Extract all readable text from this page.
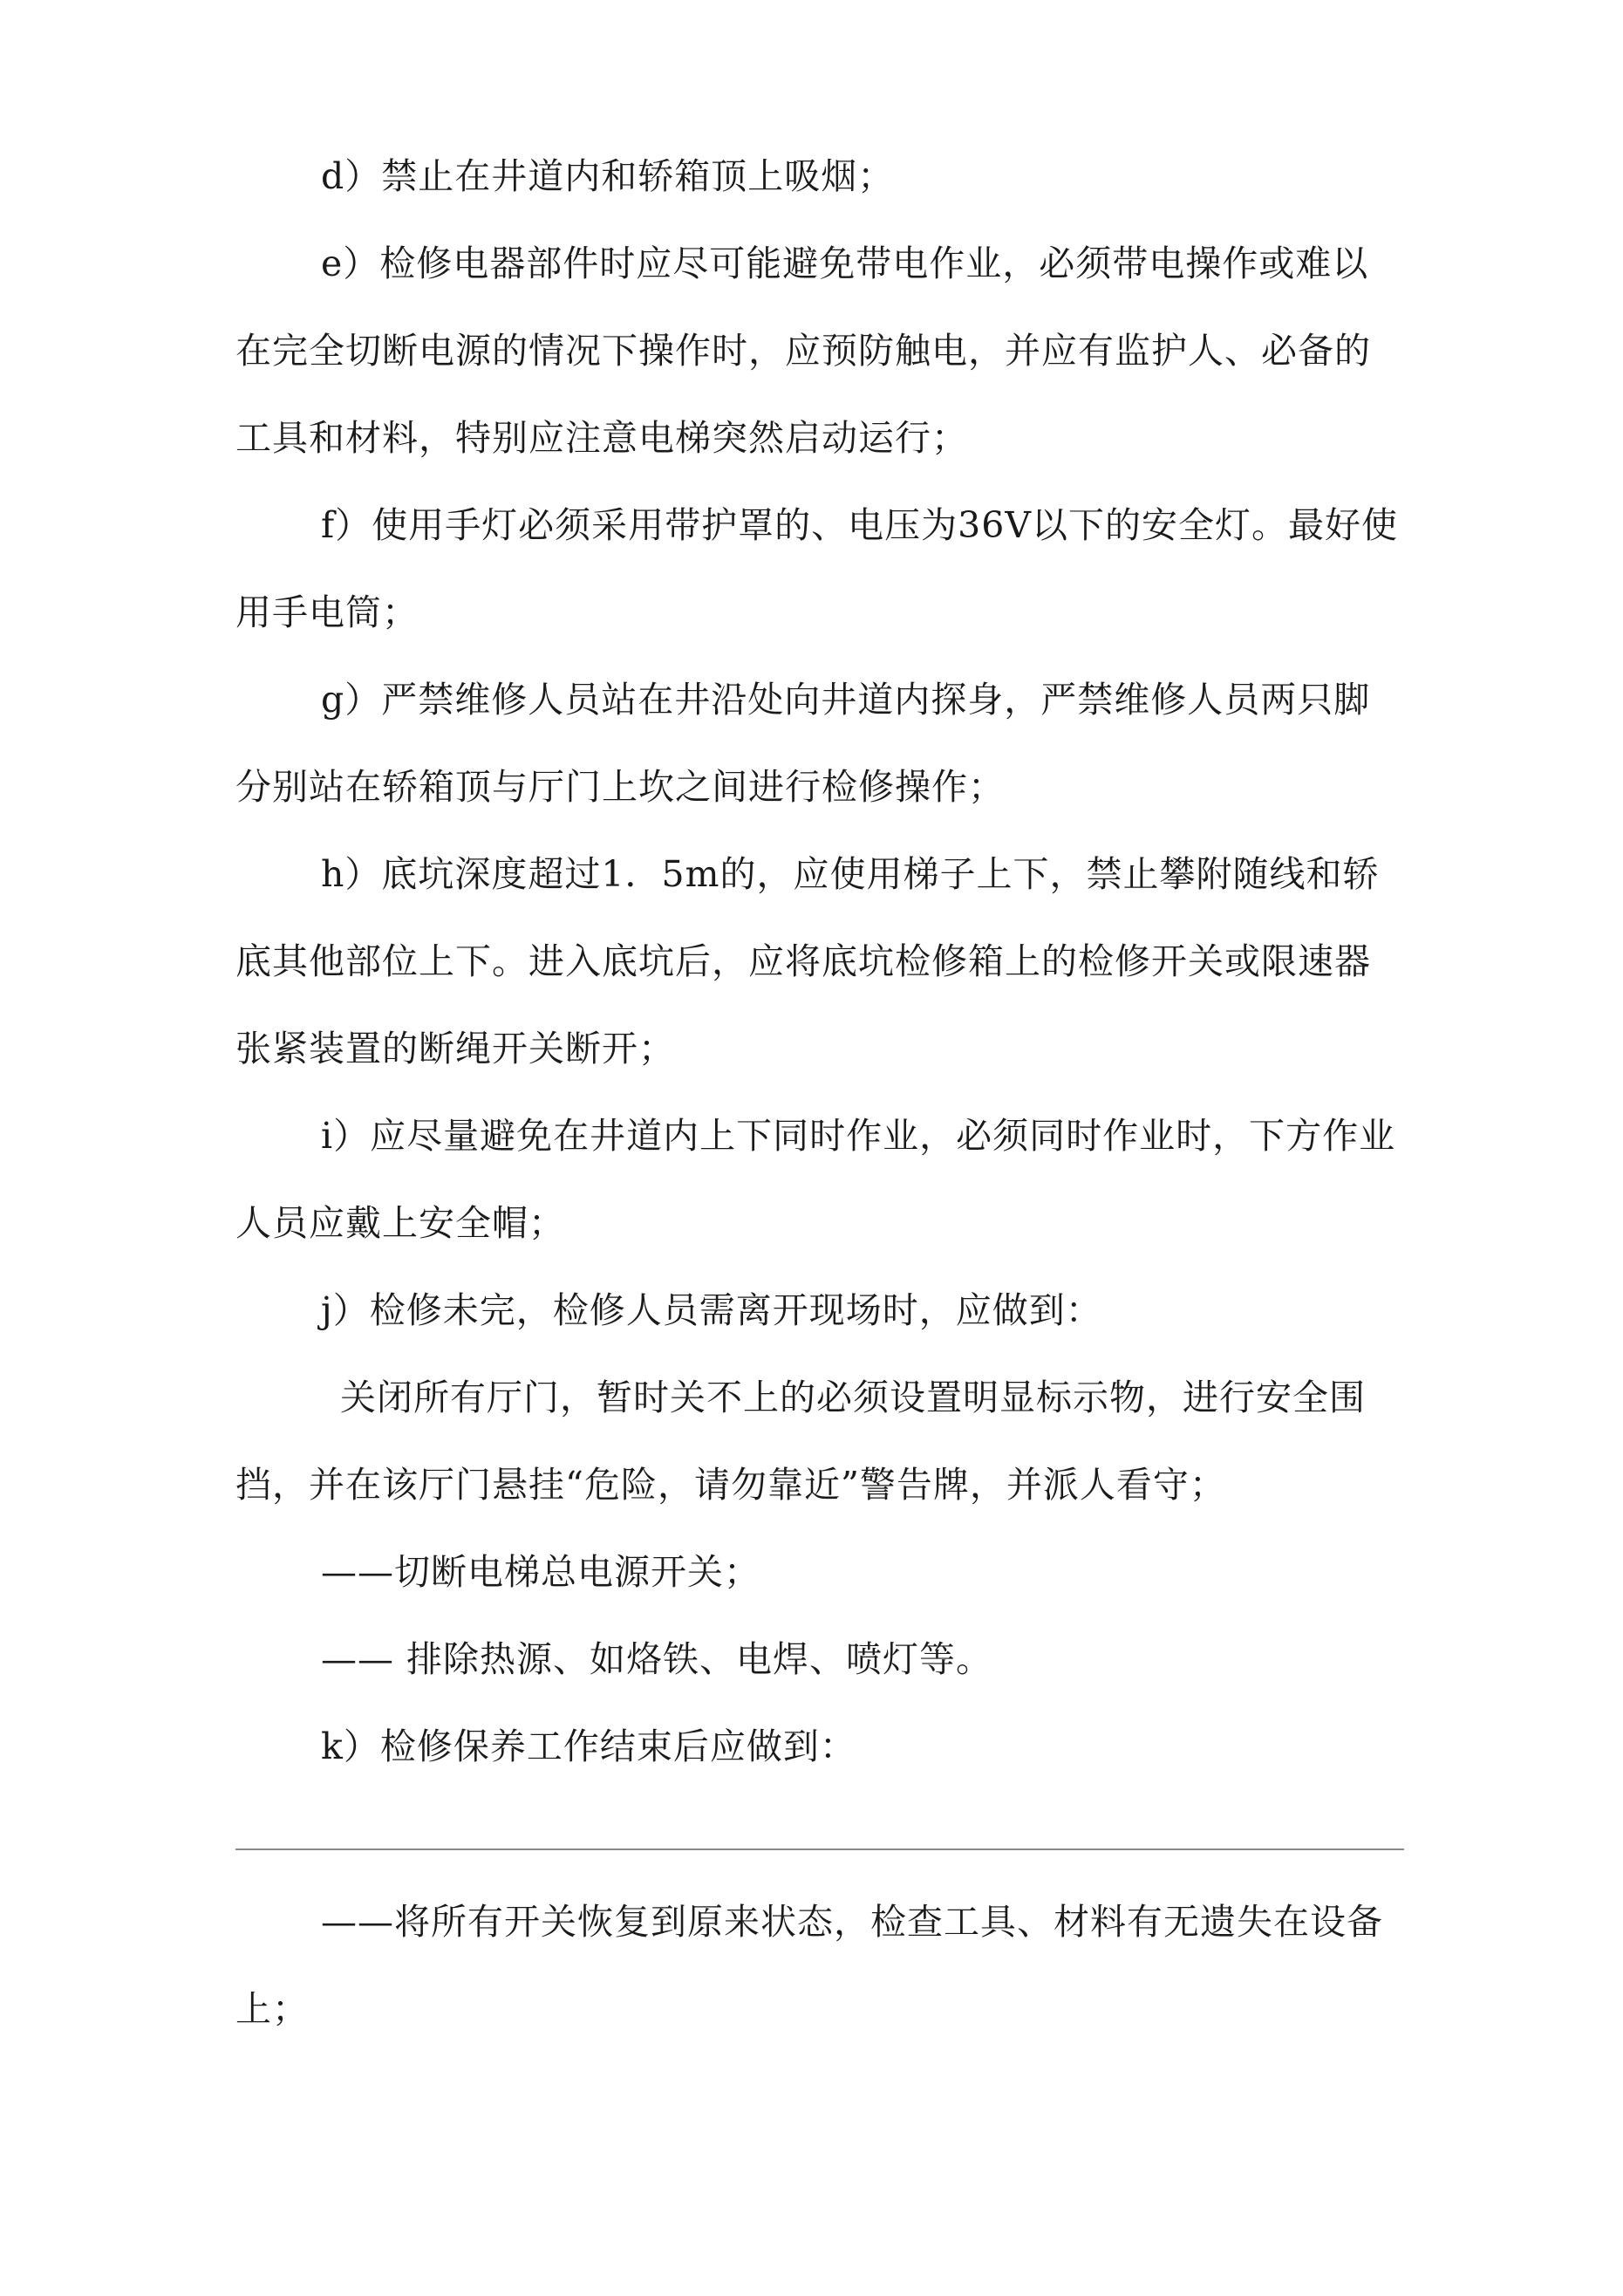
d）禁止在井道内和轿箱顶上吸烟；

e）检修电器部件时应尽可能避免带电作业，必须带电操作或难以在完全切断电源的情况下操作时，应预防触电，并应有监护人、必备的工具和材料，特别应注意电梯突然启动运行；

f）使用手灯必须采用带护罩的、电压为36V以下的安全灯。最好使用手电筒；

g）严禁维修人员站在井沿处向井道内探身，严禁维修人员两只脚分别站在轿箱顶与厅门上坎之间进行检修操作；

h）底坑深度超过1．5m的，应使用梯子上下，禁止攀附随线和轿底其他部位上下。进入底坑后，应将底坑检修箱上的检修开关或限速器张紧装置的断绳开关断开；

i）应尽量避免在井道内上下同时作业，必须同时作业时，下方作业人员应戴上安全帽；

j）检修未完，检修人员需离开现场时，应做到：

关闭所有厅门，暂时关不上的必须设置明显标示物，进行安全围挡，并在该厅门悬挂“危险，请勿靠近”警告牌，并派人看守；

——切断电梯总电源开关；

—— 排除热源、如烙铁、电焊、喷灯等。

k）检修保养工作结束后应做到：

——将所有开关恢复到原来状态，检查工具、材料有无遗失在设备上；
